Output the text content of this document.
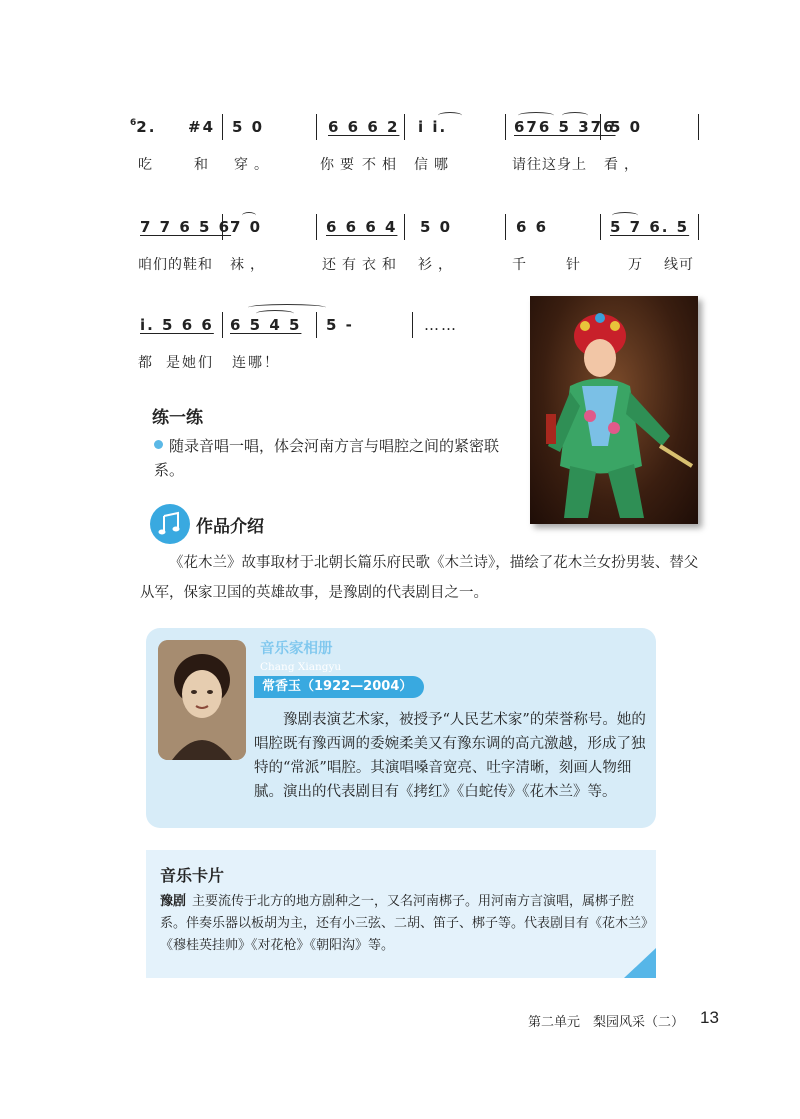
$^6$2. #4 5 0	6 6 6 2 i i.	676 5 376
5 0
吃	和 穿。	你要 不相 信哪	请往这身上 看，
7 7 6 5 6
7 0	6 6 6 4 5 0	6 6	5 7 6. 5
咱们的鞋和 袜，	还有 衣和 衫，	千 针	万 线可
i. 5 6 6 6 5 4 5 5 -	……
都 是她们 连哪！
练一练
随录音唱一唱，体会河南方言与唱腔之间的紧密联系。
作品介绍
《花木兰》故事取材于北朝长篇乐府民歌《木兰诗》，描绘了花木兰女扮男装、替父从军，保家卫国的英雄故事，是豫剧的代表剧目之一。
音乐家相册
Chang Xiangyu
常香玉（1922—2004）
豫剧表演艺术家，被授予“人民艺术家”的荣誉称号。她的唱腔既有豫西调的委婉柔美又有豫东调的高亢激越，形成了独特的“常派”唱腔。其演唱嗓音宽亮、吐字清晰，刻画人物细腻。演出的代表剧目有《拷红》《白蛇传》《花木兰》等。
音乐卡片
豫剧 主要流传于北方的地方剧种之一，又名河南梆子。用河南方言演唱，属梆子腔系。伴奏乐器以板胡为主，还有小三弦、二胡、笛子、梆子等。代表剧目有《花木兰》《穆桂英挂帅》《对花枪》《朝阳沟》等。
第二单元　梨园风采（二） 13
